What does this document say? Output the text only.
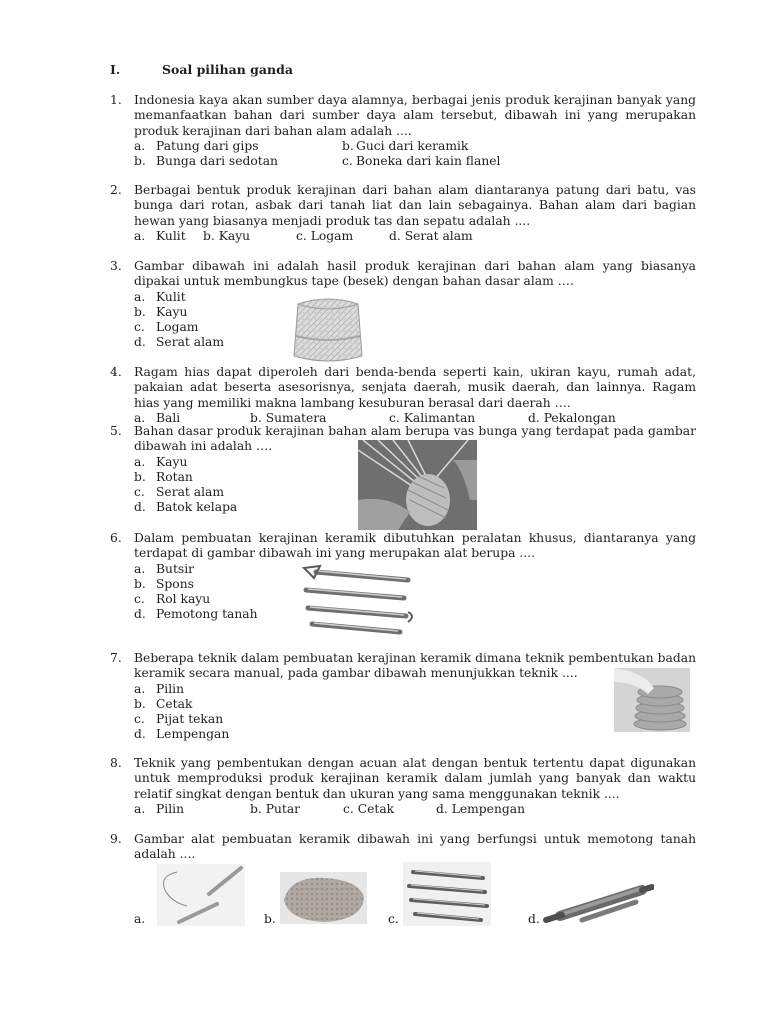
I.	Soal pilihan ganda
1. Indonesia kaya akan sumber daya alamnya, berbagai jenis produk kerajinan banyak yang memanfaatkan bahan dari sumber daya alam tersebut, dibawah ini yang merupakan produk kerajinan dari bahan alam adalah ....
a. Patung dari gips	b. Guci dari keramik
b. Bunga dari sedotan	c. Boneka dari kain flanel
2. Berbagai bentuk produk kerajinan dari bahan alam diantaranya patung dari batu, vas bunga dari rotan, asbak dari tanah liat dan lain sebagainya. Bahan alam dari bagian hewan yang biasanya menjadi produk tas dan sepatu adalah ....
a. Kulit b. Kayu	c. Logam	d. Serat alam
3. Gambar dibawah ini adalah hasil produk kerajinan dari bahan alam yang biasanya dipakai untuk membungkus tape (besek) dengan bahan dasar alam ….
a. Kulit
b. Kayu
c. Logam
d. Serat alam
4. Ragam hias dapat diperoleh dari benda-benda seperti kain, ukiran kayu, rumah adat, pakaian adat beserta asesorisnya, senjata daerah, musik daerah, dan lainnya. Ragam hias yang memiliki makna lambang kesuburan berasal dari daerah ….
a. Bali	b. Sumatera	c. Kalimantan	d. Pekalongan
5. Bahan dasar produk kerajinan bahan alam berupa vas bunga yang terdapat pada gambar dibawah ini adalah ….
a. Kayu
b. Rotan
c. Serat alam
d. Batok kelapa
6. Dalam pembuatan kerajinan keramik dibutuhkan peralatan khusus, diantaranya yang terdapat di gambar dibawah ini yang merupakan alat berupa ....
a. Butsir
b. Spons
c. Rol kayu
d. Pemotong tanah
7. Beberapa teknik dalam pembuatan kerajinan keramik dimana teknik pembentukan badan keramik secara manual, pada gambar dibawah menunjukkan teknik ....
a. Pilin
b. Cetak
c. Pijat tekan
d. Lempengan
8. Teknik yang pembentukan dengan acuan alat dengan bentuk tertentu dapat digunakan untuk memproduksi produk kerajinan keramik dalam jumlah yang banyak dan waktu relatif singkat dengan bentuk dan ukuran yang sama menggunakan teknik ....
a. Pilin	b. Putar	c. Cetak	d. Lempengan
9. Gambar alat pembuatan keramik dibawah ini yang berfungsi untuk memotong tanah adalah ....
a.	b.	c.	d.
